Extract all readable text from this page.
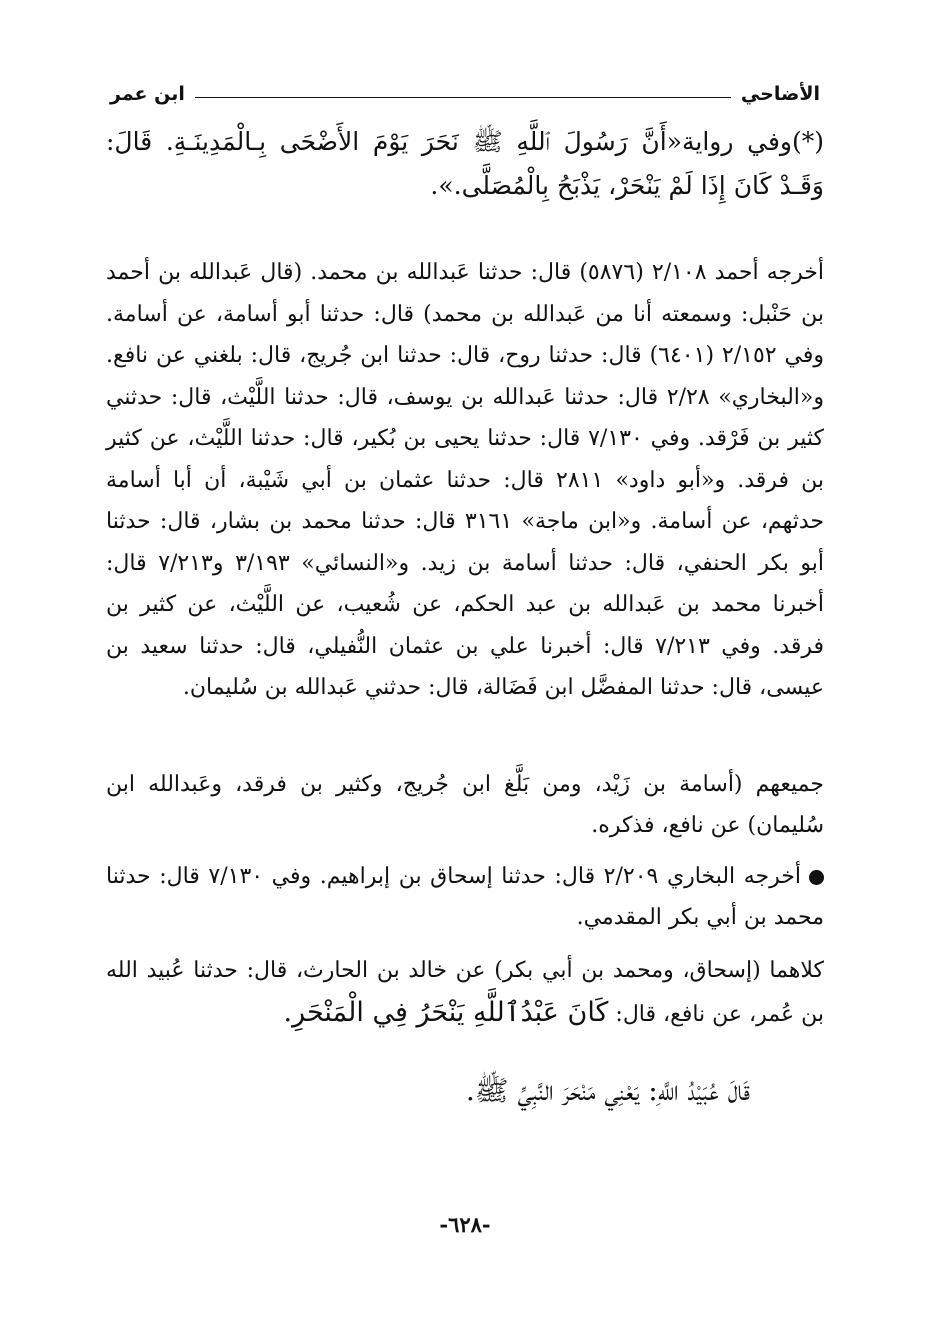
الأضاحي
ابن عمر
(*)وفي رواية«أَنَّ رَسُولَ ٱللَّهِ ﷺ نَحَرَ يَوْمَ الأَضْحَى بِـالْمَدِينَـةِ. قَالَ: وَقَـدْ كَانَ إِذَا لَمْ يَنْحَرْ، يَذْبَحُ بِالْمُصَلَّى.».
أخرجه أحمد ٢/١٠٨ (٥٨٧٦) قال: حدثنا عَبدالله بن محمد. (قال عَبدالله بن أحمد بن حَنْبل: وسمعته أنا من عَبدالله بن محمد) قال: حدثنا أبو أسامة، عن أسامة. وفي ٢/١٥٢ (٦٤٠١) قال: حدثنا روح، قال: حدثنا ابن جُريج، قال: بلغني عن نافع. و«البخاري» ٢/٢٨ قال: حدثنا عَبدالله بن يوسف، قال: حدثنا اللَّيْث، قال: حدثني كثير بن فَرْقد. وفي ٧/١٣٠ قال: حدثنا يحيى بن بُكير، قال: حدثنا اللَّيْث، عن كثير بن فرقد. و«أبو داود» ٢٨١١ قال: حدثنا عثمان بن أبي شَيْبة، أن أبا أسامة حدثهم، عن أسامة. و«ابن ماجة» ٣١٦١ قال: حدثنا محمد بن بشار، قال: حدثنا أبو بكر الحنفي، قال: حدثنا أسامة بن زيد. و«النسائي» ٣/١٩٣ و٧/٢١٣ قال: أخبرنا محمد بن عَبدالله بن عبد الحكم، عن شُعيب، عن اللَّيْث، عن كثير بن فرقد. وفي ٧/٢١٣ قال: أخبرنا علي بن عثمان النُّفيلي، قال: حدثنا سعيد بن عيسى، قال: حدثنا المفضَّل ابن فَضَالة، قال: حدثني عَبدالله بن سُليمان.
جميعهم (أسامة بن زَيْد، ومن بَلَّغ ابن جُريج، وكثير بن فرقد، وعَبدالله ابن سُليمان) عن نافع، فذكره.
أخرجه البخاري ٢/٢٠٩ قال: حدثنا إسحاق بن إبراهيم. وفي ٧/١٣٠ قال: حدثنا محمد بن أبي بكر المقدمي.
كلاهما (إسحاق، ومحمد بن أبي بكر) عن خالد بن الحارث، قال: حدثنا عُبيد الله بن عُمر، عن نافع، قال: كَانَ عَبْدُٱللَّهِ يَنْحَرُ فِي الْمَنْحَرِ.
قَالَ عُبَيْدُ اللَّهِ: يَعْنِي مَنْحَرَ النَّبِيِّ ﷺ.
-٦٢٨-
